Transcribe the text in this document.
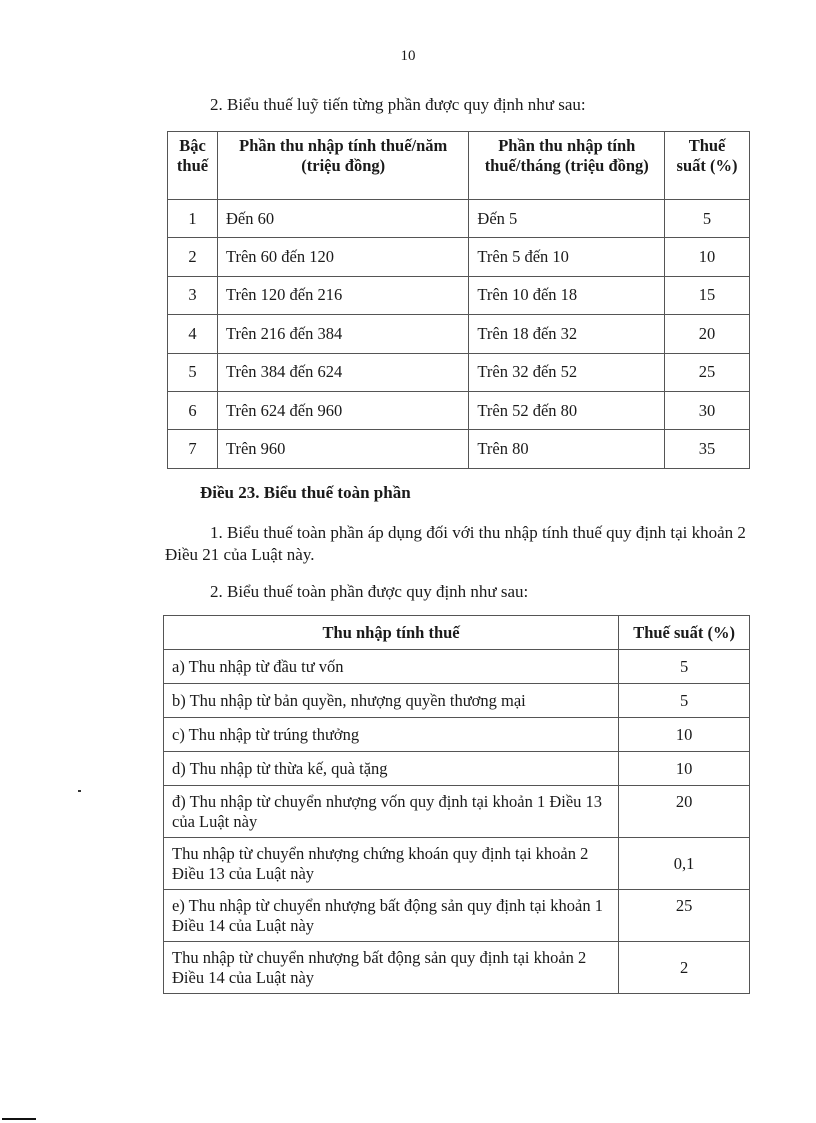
10
2. Biểu thuế luỹ tiến từng phần được quy định như sau:
Bậc thuế	Phần thu nhập tính thuế/năm (triệu đồng)	Phần thu nhập tính thuế/tháng (triệu đồng)	Thuế suất (%)
1	Đến 60	Đến 5	5
2	Trên 60 đến 120	Trên 5 đến 10	10
3	Trên 120 đến 216	Trên 10 đến 18	15
4	Trên 216 đến 384	Trên 18 đến 32	20
5	Trên 384 đến 624	Trên 32 đến 52	25
6	Trên 624 đến 960	Trên 52 đến 80	30
7	Trên 960	Trên 80	35
Điều 23. Biểu thuế toàn phần
1. Biểu thuế toàn phần áp dụng đối với thu nhập tính thuế quy định tại khoản 2 Điều 21 của Luật này.
2. Biểu thuế toàn phần được quy định như sau:
Thu nhập tính thuế	Thuế suất (%)
a) Thu nhập từ đầu tư vốn	5
b) Thu nhập từ bản quyền, nhượng quyền thương mại	5
c) Thu nhập từ trúng thưởng	10
d) Thu nhập từ thừa kế, quà tặng	10
đ) Thu nhập từ chuyển nhượng vốn quy định tại khoản 1 Điều 13 của Luật này	20
Thu nhập từ chuyển nhượng chứng khoán quy định tại khoản 2 Điều 13 của Luật này	0,1
e) Thu nhập từ chuyển nhượng bất động sản quy định tại khoản 1 Điều 14 của Luật này	25
Thu nhập từ chuyển nhượng bất động sản quy định tại khoản 2 Điều 14 của Luật này	2
